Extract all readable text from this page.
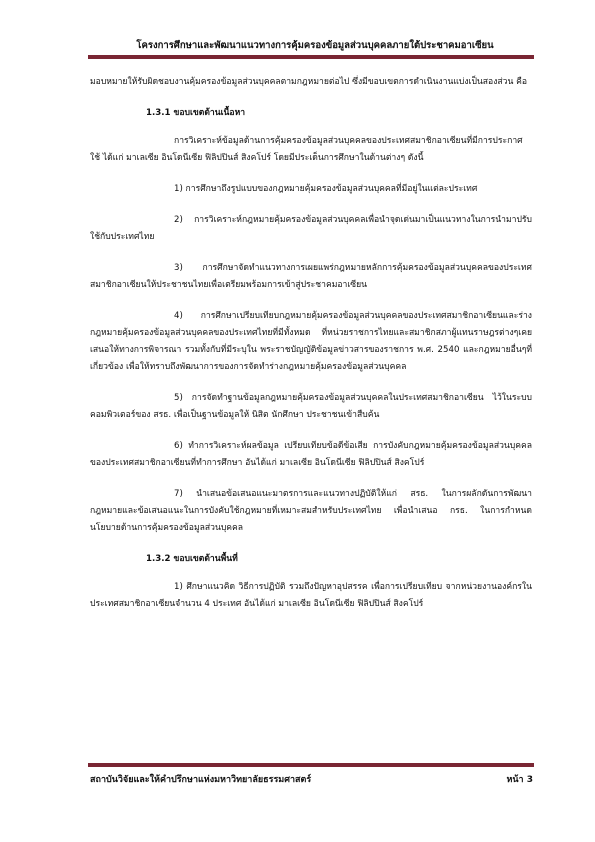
โครงการศึกษาและพัฒนาแนวทางการคุ้มครองข้อมูลส่วนบุคคลภายใต้ประชาคมอาเซียน

มอบหมายให้รับผิดชอบงานคุ้มครองข้อมูลส่วนบุคคลตามกฎหมายต่อไป ซึ่งมีขอบเขตการดำเนินงานแบ่งเป็นสองส่วน คือ

1.3.1 ขอบเขตด้านเนื้อหา

การวิเคราะห์ข้อมูลด้านการคุ้มครองข้อมูลส่วนบุคคลของประเทศสมาชิกอาเซียนที่มีการประกาศใช้ ได้แก่ มาเลเซีย อินโดนีเซีย ฟิลิปปินส์ สิงคโปร์ โดยมีประเด็นการศึกษาในด้านต่างๆ ดังนี้

1) การศึกษาถึงรูปแบบของกฎหมายคุ้มครองข้อมูลส่วนบุคคลที่มีอยู่ในแต่ละประเทศ

2) การวิเคราะห์กฎหมายคุ้มครองข้อมูลส่วนบุคคลเพื่อนำจุดเด่นมาเป็นแนวทางในการนำมาปรับใช้กับประเทศไทย

3) การศึกษาจัดทำแนวทางการเผยแพร่กฎหมายหลักการคุ้มครองข้อมูลส่วนบุคคลของประเทศสมาชิกอาเซียนให้ประชาชนไทยเพื่อเตรียมพร้อมการเข้าสู่ประชาคมอาเซียน

4) การศึกษาเปรียบเทียบกฎหมายคุ้มครองข้อมูลส่วนบุคคลของประเทศสมาชิกอาเซียนและร่างกฎหมายคุ้มครองข้อมูลส่วนบุคคลของประเทศไทยที่มีทั้งหมด ที่หน่วยราชการไทยและสมาชิกสภาผู้แทนราษฎรต่างๆเคยเสนอให้ทางการพิจารณา รวมทั้งกับที่มีระบุใน พระราชบัญญัติข้อมูลข่าวสารของราชการ พ.ศ. 2540 และกฎหมายอื่นๆที่เกี่ยวข้อง เพื่อให้ทราบถึงพัฒนาการของการจัดทำร่างกฎหมายคุ้มครองข้อมูลส่วนบุคคล

5) การจัดทำฐานข้อมูลกฎหมายคุ้มครองข้อมูลส่วนบุคคลในประเทศสมาชิกอาเซียน ไว้ในระบบคอมพิวเตอร์ของ สรธ. เพื่อเป็นฐานข้อมูลให้ นิสิต นักศึกษา ประชาชนเข้าสืบค้น

6) ทำการวิเคราะห์ผลข้อมูล เปรียบเทียบข้อดีข้อเสีย การบังคับกฎหมายคุ้มครองข้อมูลส่วนบุคคลของประเทศสมาชิกอาเซียนที่ทำการศึกษา อันได้แก่ มาเลเซีย อินโดนีเซีย ฟิลิปปินส์ สิงคโปร์

7) นำเสนอข้อเสนอแนะมาตรการและแนวทางปฏิบัติให้แก่ สรธ. ในการผลักดันการพัฒนากฎหมายและข้อเสนอแนะในการบังคับใช้กฎหมายที่เหมาะสมสำหรับประเทศไทย เพื่อนำเสนอ กรธ. ในการกำหนดนโยบายด้านการคุ้มครองข้อมูลส่วนบุคคล

1.3.2 ขอบเขตด้านพื้นที่

1) ศึกษาแนวคิด วิธีการปฏิบัติ รวมถึงปัญหาอุปสรรค เพื่อการเปรียบเทียบ จากหน่วยงานองค์กรในประเทศสมาชิกอาเซียนจำนวน 4 ประเทศ อันได้แก่ มาเลเซีย อินโดนีเซีย ฟิลิปปินส์ สิงคโปร์

สถาบันวิจัยและให้คำปรึกษาแห่งมหาวิทยาลัยธรรมศาสตร์	หน้า 3
